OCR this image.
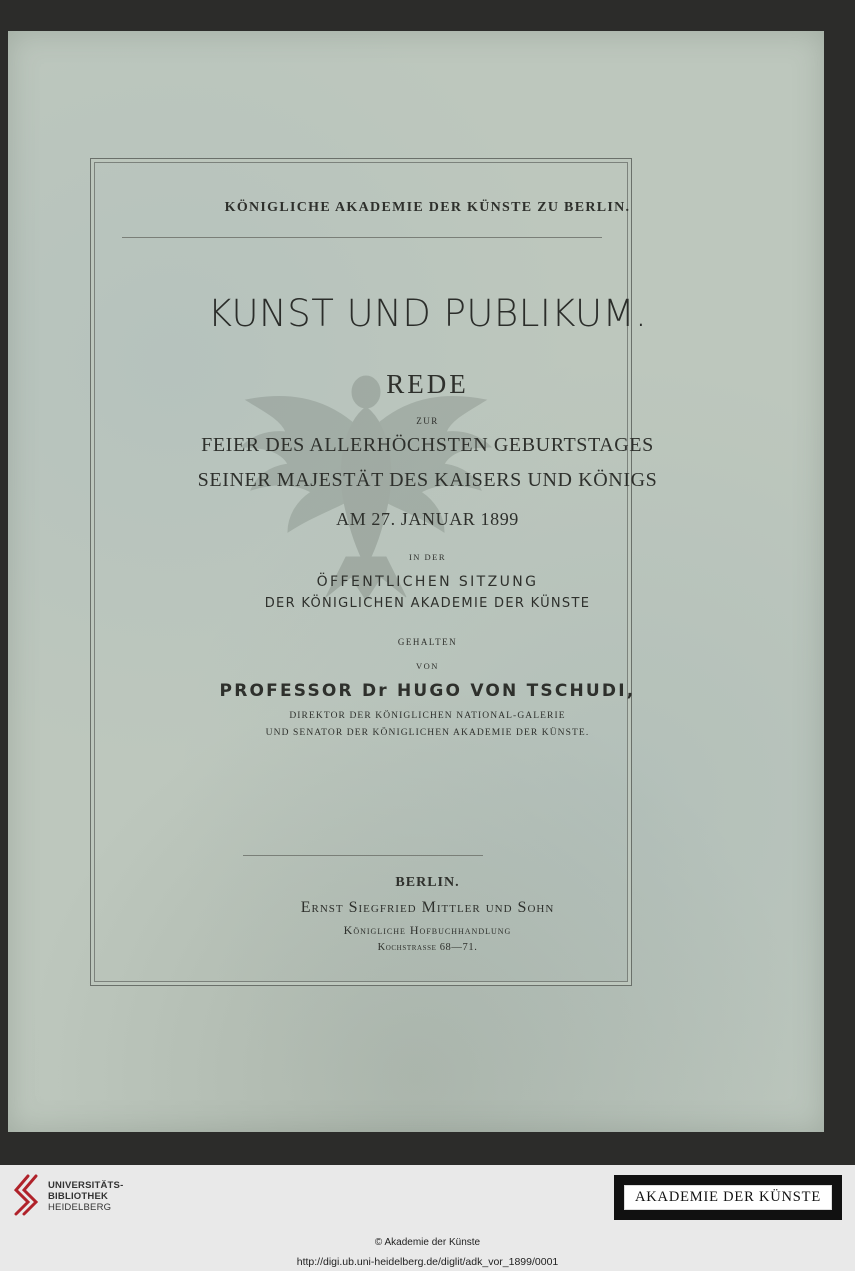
KÖNIGLICHE AKADEMIE DER KÜNSTE ZU BERLIN.
KUNST UND PUBLIKUM.
REDE
ZUR
FEIER DES ALLERHÖCHSTEN GEBURTSTAGES
SEINER MAJESTÄT DES KAISERS UND KÖNIGS
AM 27. JANUAR 1899
IN DER
ÖFFENTLICHEN SITZUNG
DER KÖNIGLICHEN AKADEMIE DER KÜNSTE
GEHALTEN
VON
PROFESSOR Dr HUGO VON TSCHUDI,
DIREKTOR DER KÖNIGLICHEN NATIONAL-GALERIE
UND SENATOR DER KÖNIGLICHEN AKADEMIE DER KÜNSTE.
BERLIN.
Ernst Siegfried Mittler und Sohn
Königliche Hofbuchhandlung
Kochstrasse 68—71.
UNIVERSITÄTS-
BIBLIOTHEK
HEIDELBERG
AKADEMIE DER KÜNSTE
© Akademie der Künste
http://digi.ub.uni-heidelberg.de/diglit/adk_vor_1899/0001
